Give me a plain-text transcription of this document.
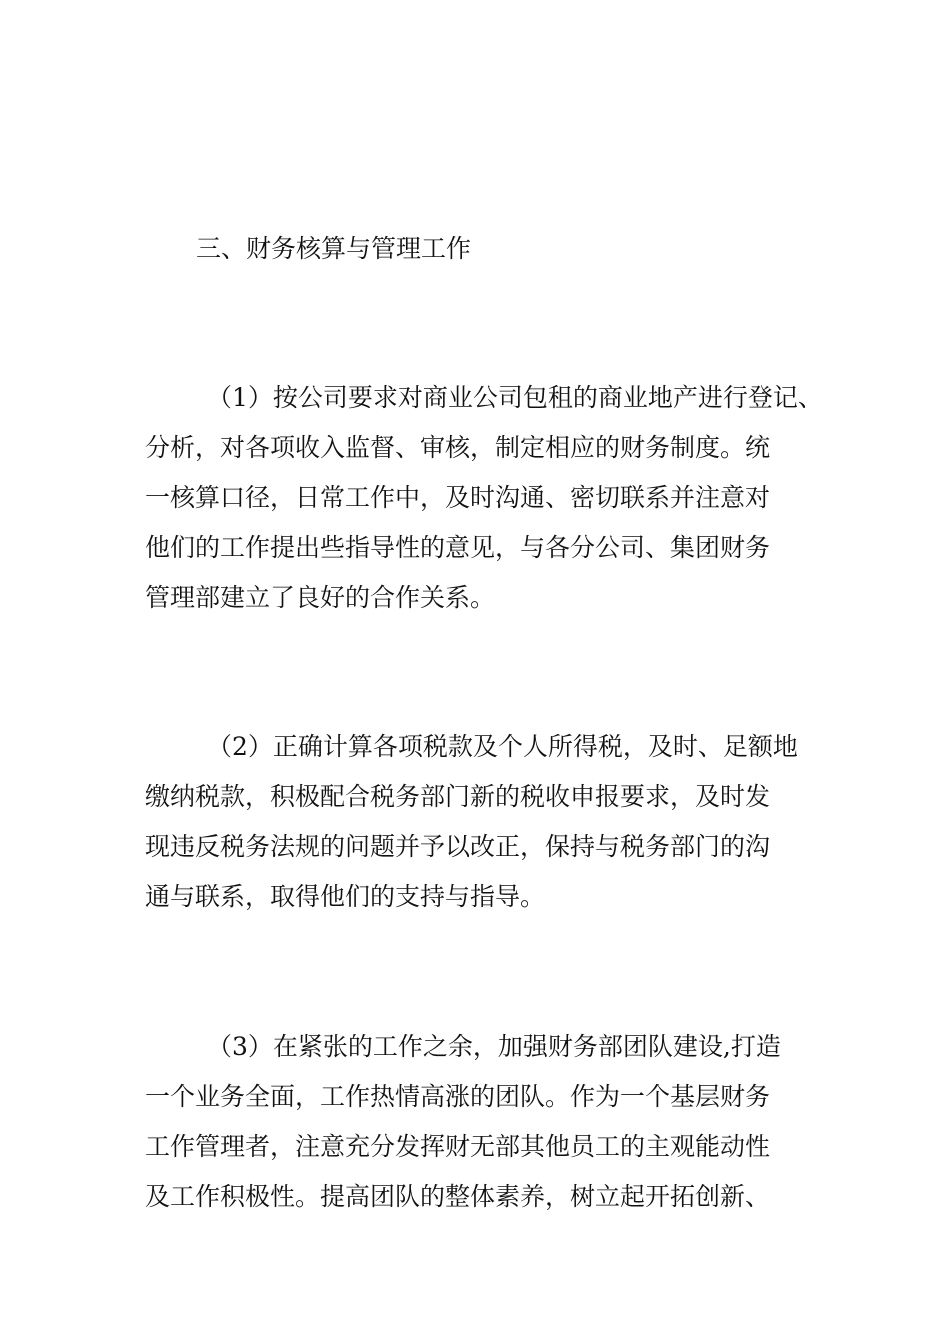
三、财务核算与管理工作
（1）按公司要求对商业公司包租的商业地产进行登记、
分析，对各项收入监督、审核，制定相应的财务制度。统
一核算口径，日常工作中，及时沟通、密切联系并注意对
他们的工作提出些指导性的意见，与各分公司、集团财务
管理部建立了良好的合作关系。
（2）正确计算各项税款及个人所得税，及时、足额地
缴纳税款，积极配合税务部门新的税收申报要求，及时发
现违反税务法规的问题并予以改正，保持与税务部门的沟
通与联系，取得他们的支持与指导。
（3）在紧张的工作之余，加强财务部团队建设,打造
一个业务全面，工作热情高涨的团队。作为一个基层财务
工作管理者，注意充分发挥财无部其他员工的主观能动性
及工作积极性。提高团队的整体素养，树立起开拓创新、
